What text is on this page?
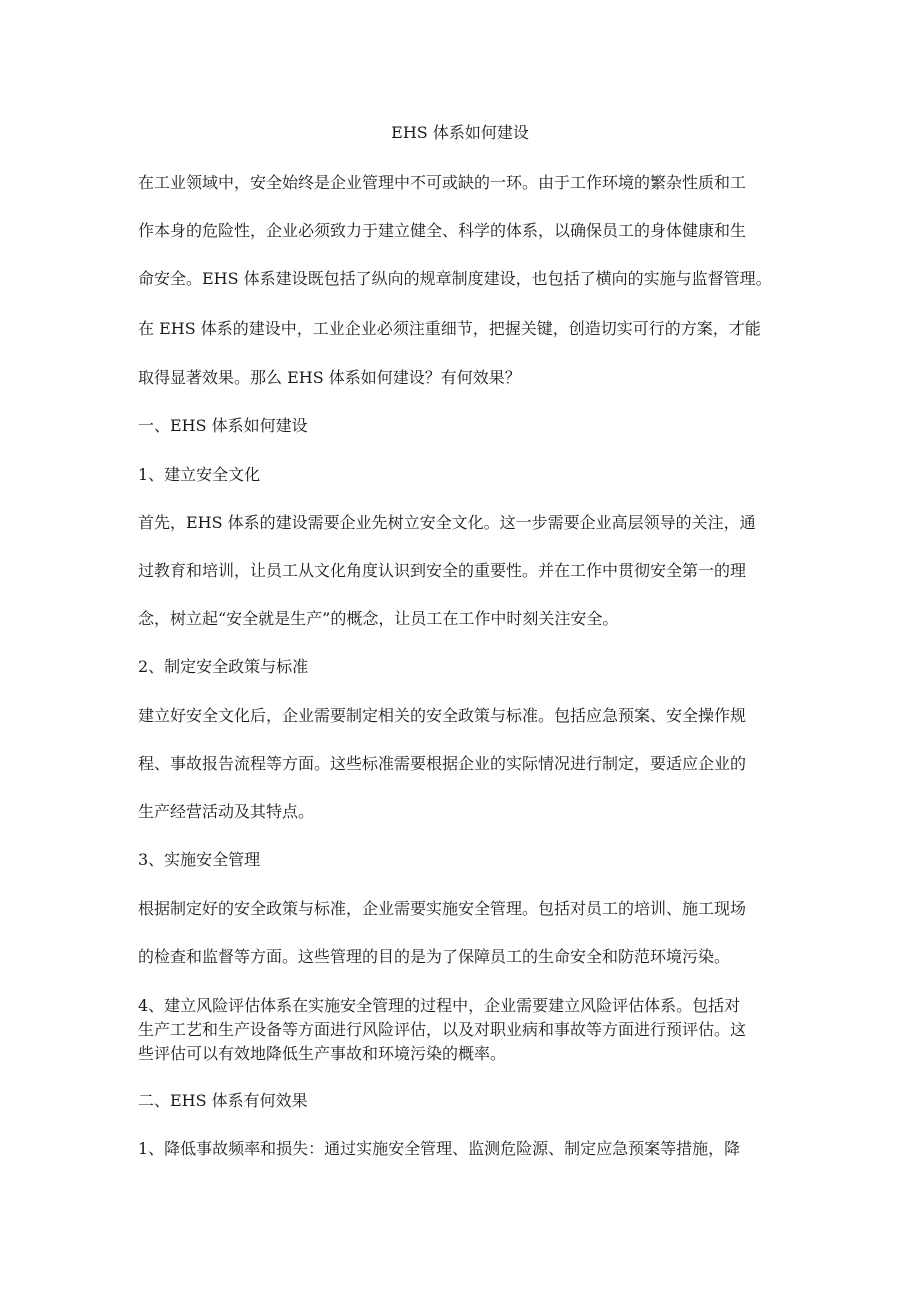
EHS 体系如何建设
在工业领域中，安全始终是企业管理中不可或缺的一环。由于工作环境的繁杂性质和工
作本身的危险性，企业必须致力于建立健全、科学的体系，以确保员工的身体健康和生
命安全。EHS 体系建设既包括了纵向的规章制度建设，也包括了横向的实施与监督管理。
在 EHS 体系的建设中，工业企业必须注重细节，把握关键，创造切实可行的方案，才能
取得显著效果。那么 EHS 体系如何建设？有何效果？
一、EHS 体系如何建设
1、建立安全文化
首先，EHS 体系的建设需要企业先树立安全文化。这一步需要企业高层领导的关注，通
过教育和培训，让员工从文化角度认识到安全的重要性。并在工作中贯彻安全第一的理
念，树立起“安全就是生产”的概念，让员工在工作中时刻关注安全。
2、制定安全政策与标准
建立好安全文化后，企业需要制定相关的安全政策与标准。包括应急预案、安全操作规
程、事故报告流程等方面。这些标准需要根据企业的实际情况进行制定，要适应企业的
生产经营活动及其特点。
3、实施安全管理
根据制定好的安全政策与标准，企业需要实施安全管理。包括对员工的培训、施工现场
的检查和监督等方面。这些管理的目的是为了保障员工的生命安全和防范环境污染。
4、建立风险评估体系在实施安全管理的过程中，企业需要建立风险评估体系。包括对
生产工艺和生产设备等方面进行风险评估，以及对职业病和事故等方面进行预评估。这
些评估可以有效地降低生产事故和环境污染的概率。
二、EHS 体系有何效果
1、降低事故频率和损失：通过实施安全管理、监测危险源、制定应急预案等措施，降
